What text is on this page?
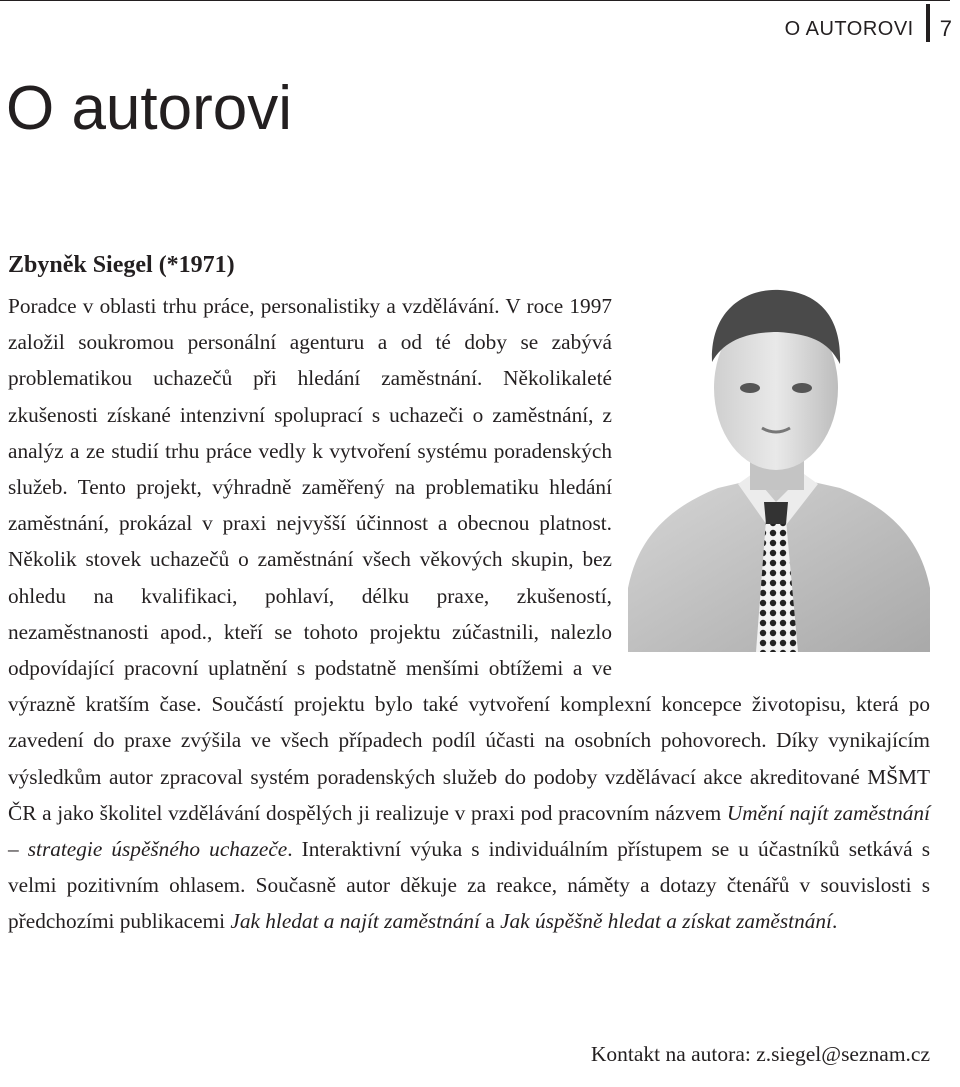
O AUTOROVI 7
O autorovi
Zbyněk Siegel (*1971)

Poradce v oblasti trhu práce, personalistiky a vzdělávání. V roce 1997 založil soukromou personální agenturu a od té doby se zabývá problematikou uchazečů při hledání zaměstnání. Několikaleté zkušenosti získané intenzivní spoluprací s uchazeči o zaměstnání, z analýz a ze studií trhu práce vedly k vytvoření systému poradenských služeb. Tento projekt, výhradně zaměřený na problematiku hledání zaměstnání, prokázal v praxi nejvyšší účinnost a obecnou platnost. Několik stovek uchazečů o zaměstnání všech věkových skupin, bez ohledu na kvalifikaci, pohlaví, délku praxe, zkušeností, nezaměstnanosti apod., kteří se tohoto projektu zúčastnili, nalezlo odpovídající pracovní uplatnění s podstatně menšími obtížemi a ve výrazně kratším čase. Součástí projektu bylo také vytvoření komplexní koncepce životopisu, která po zavedení do praxe zvýšila ve všech případech podíl účasti na osobních pohovorech. Díky vynikajícím výsledkům autor zpracoval systém poradenských služeb do podoby vzdělávací akce akreditované MŠMT ČR a jako školitel vzdělávání dospělých ji realizuje v praxi pod pracovním názvem Umění najít zaměstnání – strategie úspěšného uchazeče. Interaktivní výuka s individuálním přístupem se u účastníků setkává s velmi pozitivním ohlasem. Současně autor děkuje za reakce, náměty a dotazy čtenářů v souvislosti s předchozími publikacemi Jak hledat a najít zaměstnání a Jak úspěšně hledat a získat zaměstnání.

Kontakt na autora: z.siegel@seznam.cz
